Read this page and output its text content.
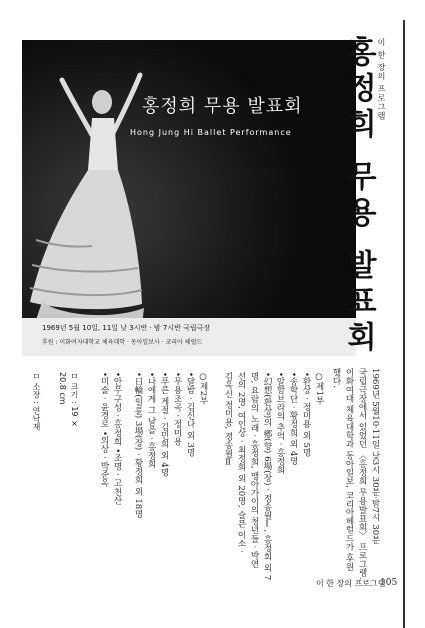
홍정희 무용 발표회
Hong Jung Hi Ballet Performance
1969년 5월 10일, 11일 낮 3시반 · 밤 7시반 국립극장
후원 : 이화여자대학교 체육대학 · 동아일보사 · 코리아 헤럴드
이 한 장의 프로그램
홍정희 무용 발표회
1969년 5월10·11일 낮3시 30분·밤7시 30분
국립극장에서 있었던 〈홍정희 무용발표회〉 프로그램.
이화여대 체육대학과 동아일보, 코리아헤럴드가 후원
했다.
○제1부
•환상 · 정미용 외 5명
•송학단 · 황정희 외 4명
•알함브라의 추억 · 홍정희
•幻想(환상)의 鄕(향) 6場(장) · 정송월Ⅰ, 홍정희 외 7
명, 요람의 노래 · 홍정희, 맹아가이의 청년들 · 박연
선의 2명, 여인상 · 최정희 외 20명, 슬픈 이소 ·
김옥신 정미용, 정송월Ⅱ
○제2부
•달밤 · 김신나 외 3명
•무용조곡 · 정미용
•푸른 계절 · 김민희 외 4명
•나에게 그 날을 · 홍정희
•日輪(일륜) 3場(장) · 황정희 외 18명
•안무구성 · 홍정희 •조명 · 고천산
•미술 · 윤경로 •의상 · 박준옥
ㅁ 크기 : 19 × 20.8 cm
ㅁ 소장 : 연낙재
이 한 장의 프로그램
105
